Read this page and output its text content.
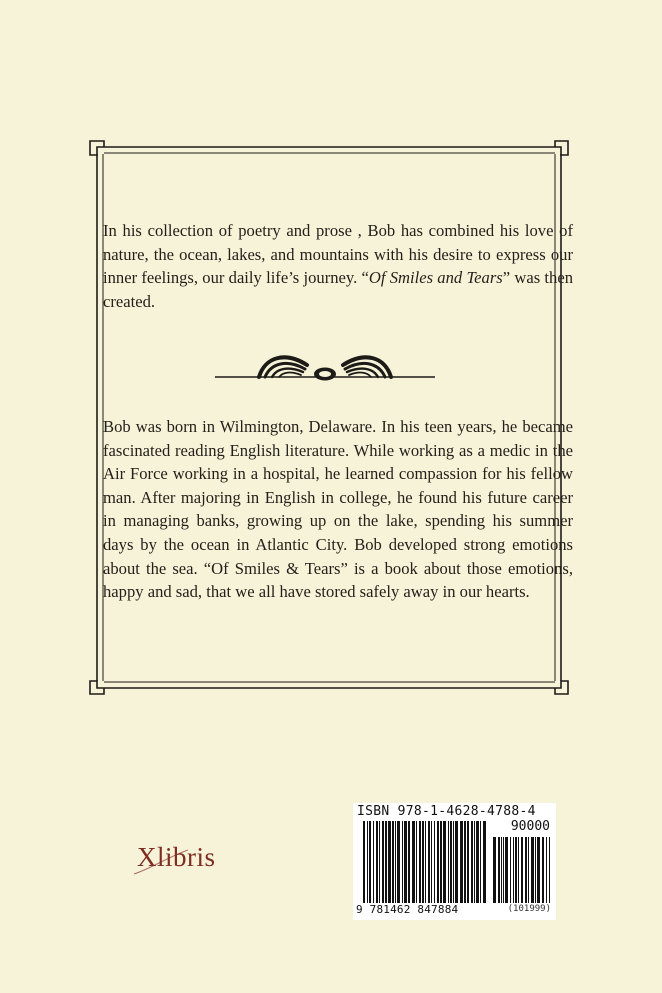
In his collection of poetry and prose , Bob has combined his love of nature, the ocean, lakes, and mountains with his desire to express our inner feelings, our daily life’s journey. “Of Smiles and Tears” was then created.

Bob was born in Wilmington, Delaware. In his teen years, he became fascinated reading English literature. While working as a medic in the Air Force working in a hospital, he learned compassion for his fellow man. After majoring in English in college, he found his future career in managing banks, growing up on the lake, spending his summer days by the ocean in Atlantic City. Bob developed strong emotions about the sea. “Of Smiles & Tears” is a book about those emotions, happy and sad, that we all have stored safely away in our hearts.

ISBN 978-1-4628-4788-4
90000
9 781462 847884	(101999)
Xlibris
